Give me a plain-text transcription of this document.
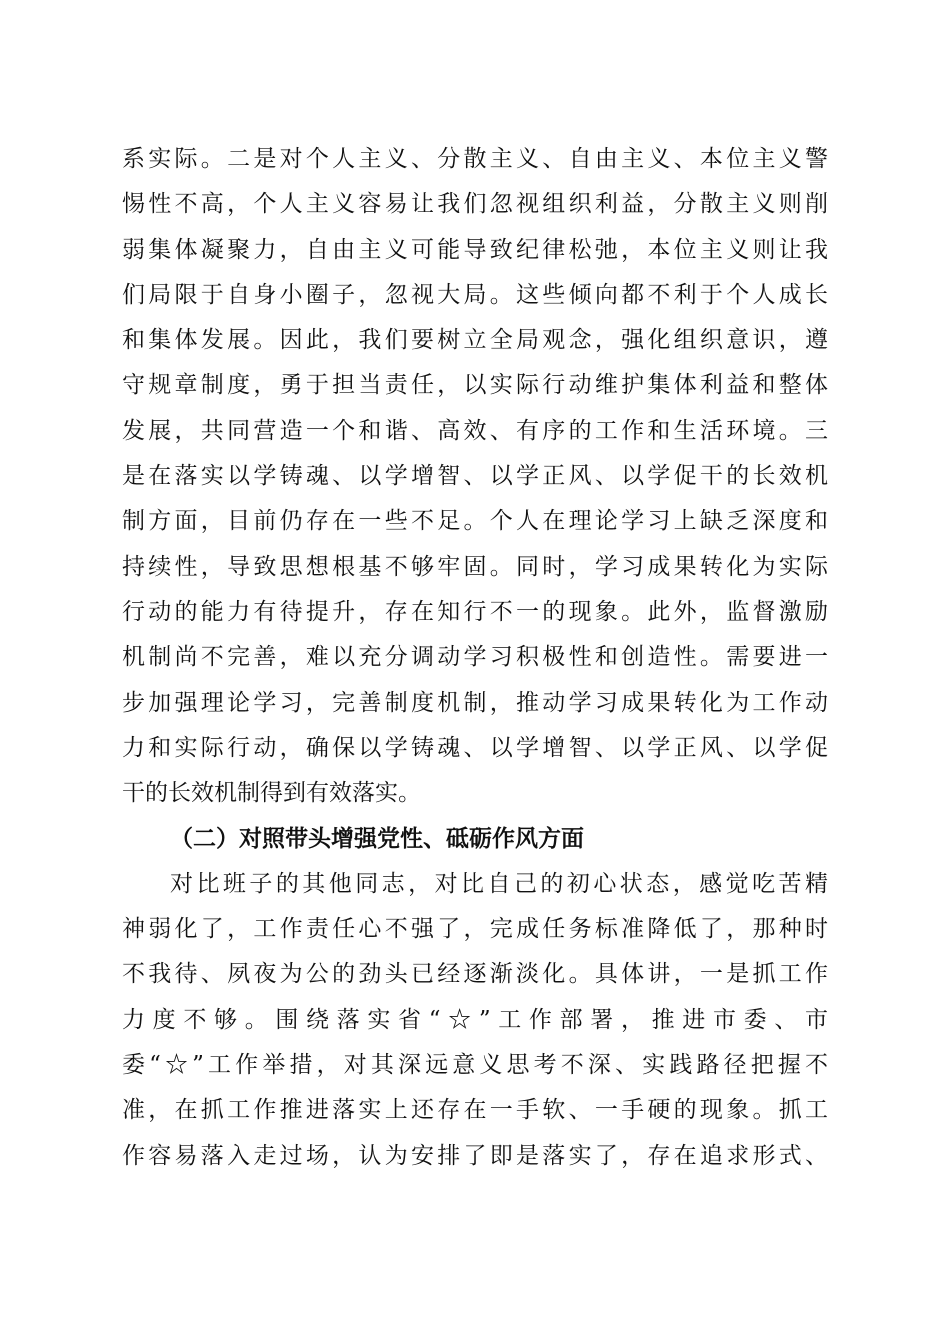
系实际。二是对个人主义、分散主义、自由主义、本位主义警
惕性不高，个人主义容易让我们忽视组织利益，分散主义则削
弱集体凝聚力，自由主义可能导致纪律松弛，本位主义则让我
们局限于自身小圈子，忽视大局。这些倾向都不利于个人成长
和集体发展。因此，我们要树立全局观念，强化组织意识，遵
守规章制度，勇于担当责任，以实际行动维护集体利益和整体
发展，共同营造一个和谐、高效、有序的工作和生活环境。三
是在落实以学铸魂、以学增智、以学正风、以学促干的长效机
制方面，目前仍存在一些不足。个人在理论学习上缺乏深度和
持续性，导致思想根基不够牢固。同时，学习成果转化为实际
行动的能力有待提升，存在知行不一的现象。此外，监督激励
机制尚不完善，难以充分调动学习积极性和创造性。需要进一
步加强理论学习，完善制度机制，推动学习成果转化为工作动
力和实际行动，确保以学铸魂、以学增智、以学正风、以学促
干的长效机制得到有效落实。
（二）对照带头增强党性、砥砺作风方面
对比班子的其他同志，对比自己的初心状态，感觉吃苦精
神弱化了，工作责任心不强了，完成任务标准降低了，那种时
不我待、夙夜为公的劲头已经逐渐淡化。具体讲，一是抓工作
力度不够。围绕落实省“☆”工作部署，推进市委、市
委“☆”工作举措，对其深远意义思考不深、实践路径把握不
准，在抓工作推进落实上还存在一手软、一手硬的现象。抓工
作容易落入走过场，认为安排了即是落实了，存在追求形式、
